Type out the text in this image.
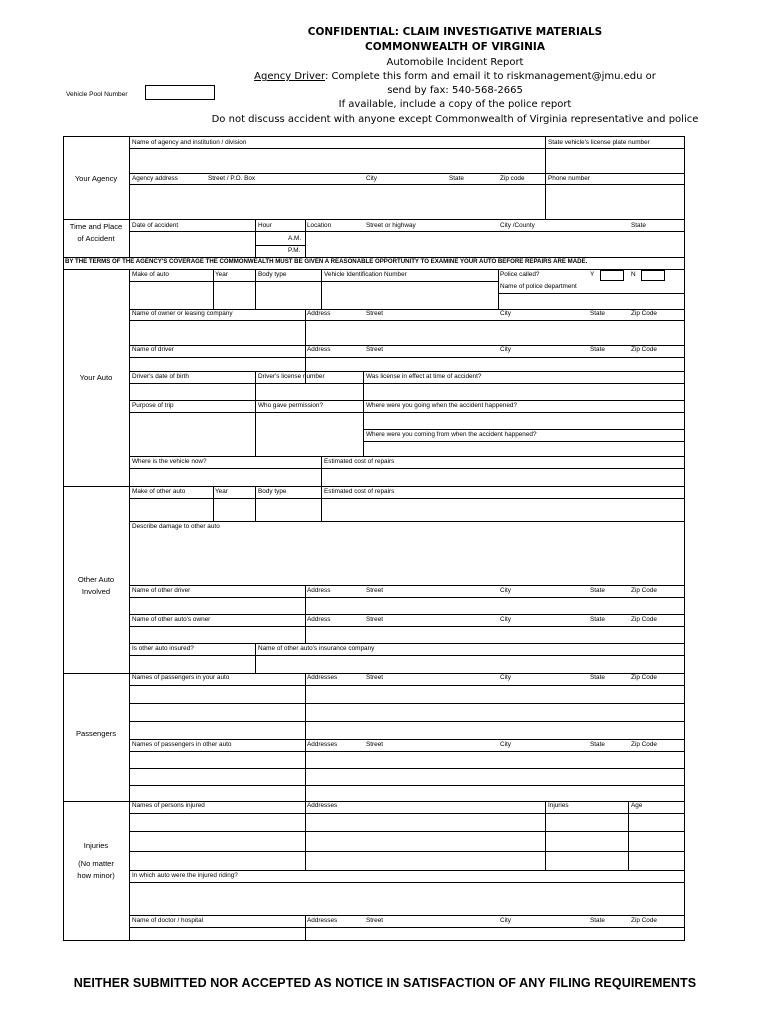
CONFIDENTIAL: CLAIM INVESTIGATIVE MATERIALS
COMMONWEALTH OF VIRGINIA
Automobile Incident Report
Agency Driver: Complete this form and email it to riskmanagement@jmu.edu or
send by fax: 540-568-2665
If available, include a copy of the police report
Do not discuss accident with anyone except Commonwealth of Virginia representative and police
Vehicle Pool Number
Your Agency
Time and Place
of Accident
Your Auto
Other Auto
Involved
Passengers
Injuries
(No matter
how minor)
BY THE TERMS OF THE AGENCY'S COVERAGE THE COMMONWEALTH MUST BE GIVEN A REASONABLE OPPORTUNITY TO EXAMINE YOUR AUTO BEFORE REPAIRS ARE MADE.
Name of agency and institution / division	State vehicle's license plate number
Agency address	Street / P.O. Box	City	State	Zip code	Phone number
Date of accident	Hour
A.M.
P.M.
Location	Street or highway	City /County	State
Make of auto	Year	Body type	Vehicle Identification Number	Police called?	Y	N
Name of police department
Name of owner or leasing company	Address	Street	City	State	Zip Code
Name of driver	Address	Street	City	State	Zip Code
Driver's date of birth	Driver's license number	Was license in effect at time of accident?
Purpose of trip	Who gave permission?	Where were you going when the accident happened?
Where were you coming from when the accident happened?
Where is the vehicle now?	Estimated cost of repairs
Make of other auto	Year	Body type	Estimated cost of repairs
Describe damage to other auto
Name of other driver	Address	Street	City	State	Zip Code
Name of other auto's owner	Address	Street	City	State	Zip Code
Is other auto insured?	Name of other auto's insurance company
Names of passengers in your auto	Addresses	Street	City	State	Zip Code
Names of passengers in other auto	Addresses	Street	City	State	Zip Code
Names of persons injured	Addresses	Injuries	Age
In which auto were the injured riding?
Name of doctor / hospital	Addresses	Street	City	State	Zip Code
NEITHER SUBMITTED NOR ACCEPTED AS NOTICE IN SATISFACTION OF ANY FILING REQUIREMENTS
